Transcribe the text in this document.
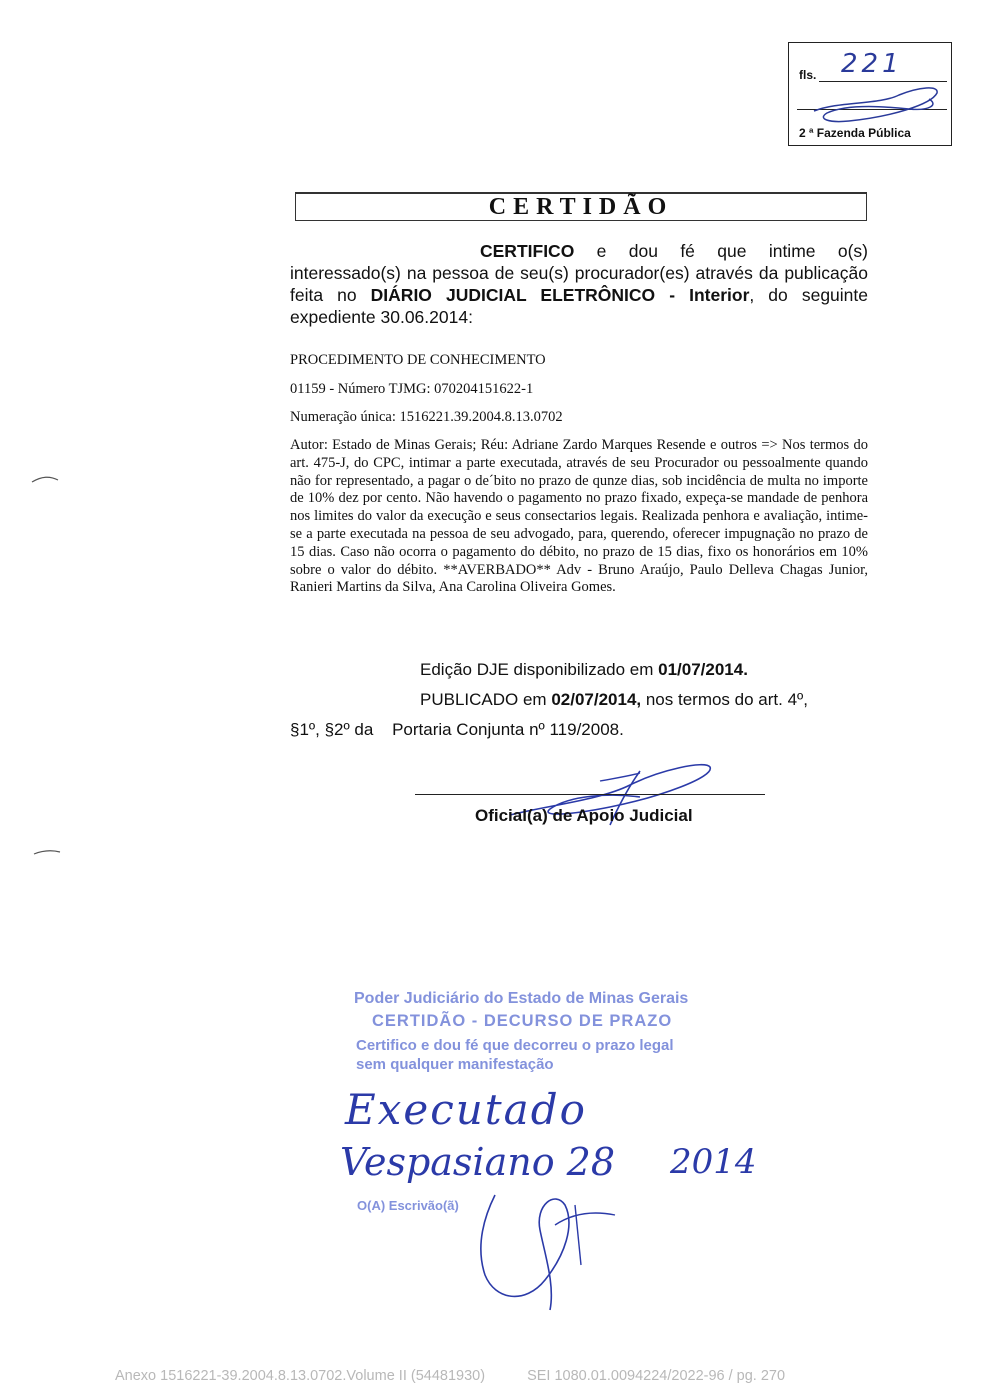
fls. 221
2 ª Fazenda Pública
CERTIDÃO
CERTIFICO e dou fé que intime o(s) interessado(s) na pessoa de seu(s) procurador(es) através da publicação feita no DIÁRIO JUDICIAL ELETRÔNICO - Interior, do seguinte expediente 30.06.2014:
PROCEDIMENTO DE CONHECIMENTO
01159 - Número TJMG: 070204151622-1
Numeração única: 1516221.39.2004.8.13.0702
Autor: Estado de Minas Gerais; Réu: Adriane Zardo Marques Resende e outros => Nos termos do art. 475-J, do CPC, intimar a parte executada, através de seu Procurador ou pessoalmente quando não for representado, a pagar o de´bito no prazo de qunze dias, sob incidência de multa no importe de 10% dez por cento. Não havendo o pagamento no prazo fixado, expeça-se mandade de penhora nos limites do valor da execução e seus consectarios legais. Realizada penhora e avaliação, intime-se a parte executada na pessoa de seu advogado, para, querendo, oferecer impugnação no prazo de 15 dias. Caso não ocorra o pagamento do débito, no prazo de 15 dias, fixo os honorários em 10% sobre o valor do débito. **AVERBADO** Adv - Bruno Araújo, Paulo Delleva Chagas Junior, Ranieri Martins da Silva, Ana Carolina Oliveira Gomes.
Edição DJE disponibilizado em 01/07/2014.
PUBLICADO em 02/07/2014, nos termos do art. 4º,
§1º, §2º da Portaria Conjunta nº 119/2008.
Oficial(a) de Apoio Judicial
Poder Judiciário do Estado de Minas Gerais
CERTIDÃO - DECURSO DE PRAZO
Certifico e dou fé que decorreu o prazo legal
sem qualquer manifestação
O(A) Escrivão(ã)
Executado
Vespasiano 28 2014
Anexo 1516221-39.2004.8.13.0702.Volume II (54481930)	SEI 1080.01.0094224/2022-96 / pg. 270
